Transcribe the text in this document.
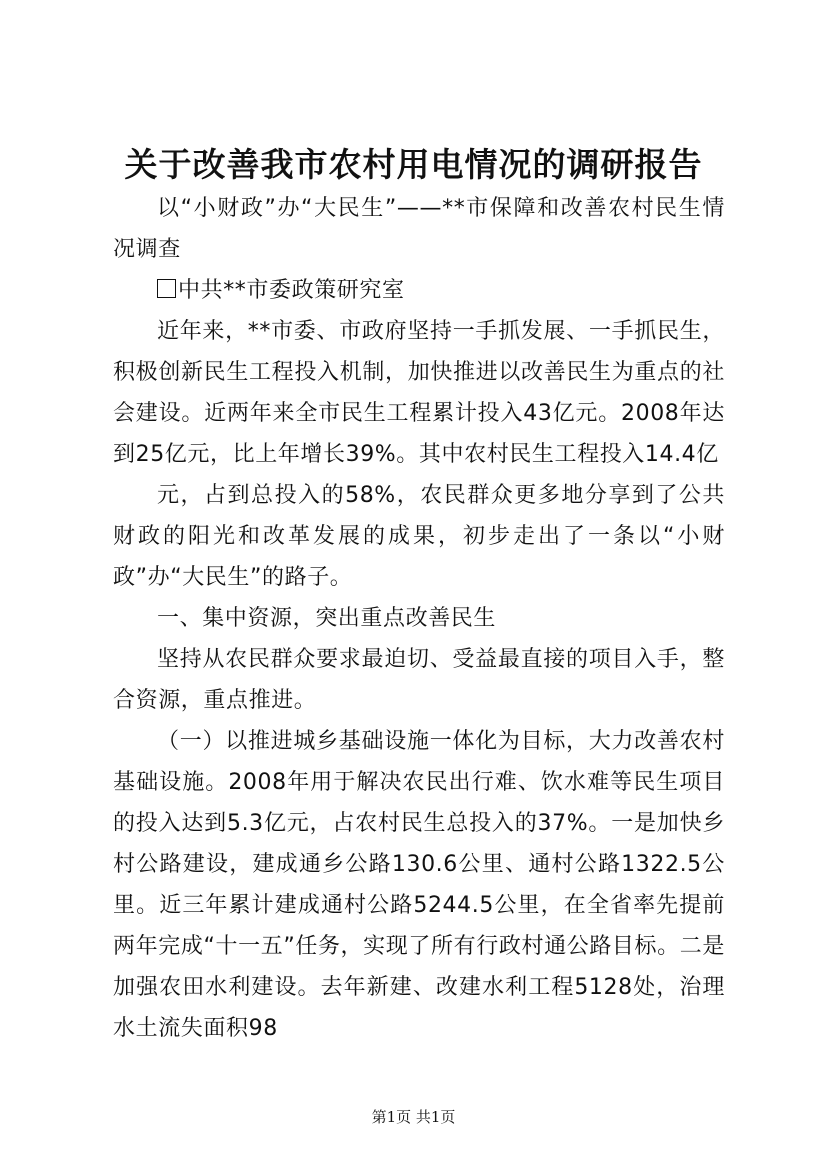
关于改善我市农村用电情况的调研报告

以“小财政”办“大民生”——**市保障和改善农村民生情况调查

中共**市委政策研究室

近年来，**市委、市政府坚持一手抓发展、一手抓民生，积极创新民生工程投入机制，加快推进以改善民生为重点的社会建设。近两年来全市民生工程累计投入43亿元。2008年达到25亿元，比上年增长39%。其中农村民生工程投入14.4亿

元，占到总投入的58%，农民群众更多地分享到了公共财政的阳光和改革发展的成果，初步走出了一条以“小财政”办“大民生”的路子。

一、集中资源，突出重点改善民生

坚持从农民群众要求最迫切、受益最直接的项目入手，整合资源，重点推进。

（一）以推进城乡基础设施一体化为目标，大力改善农村基础设施。2008年用于解决农民出行难、饮水难等民生项目的投入达到5.3亿元，占农村民生总投入的37%。一是加快乡村公路建设，建成通乡公路130.6公里、通村公路1322.5公里。近三年累计建成通村公路5244.5公里，在全省率先提前两年完成“十一五”任务，实现了所有行政村通公路目标。二是加强农田水利建设。去年新建、改建水利工程5128处，治理水土流失面积98

第1页 共1页
